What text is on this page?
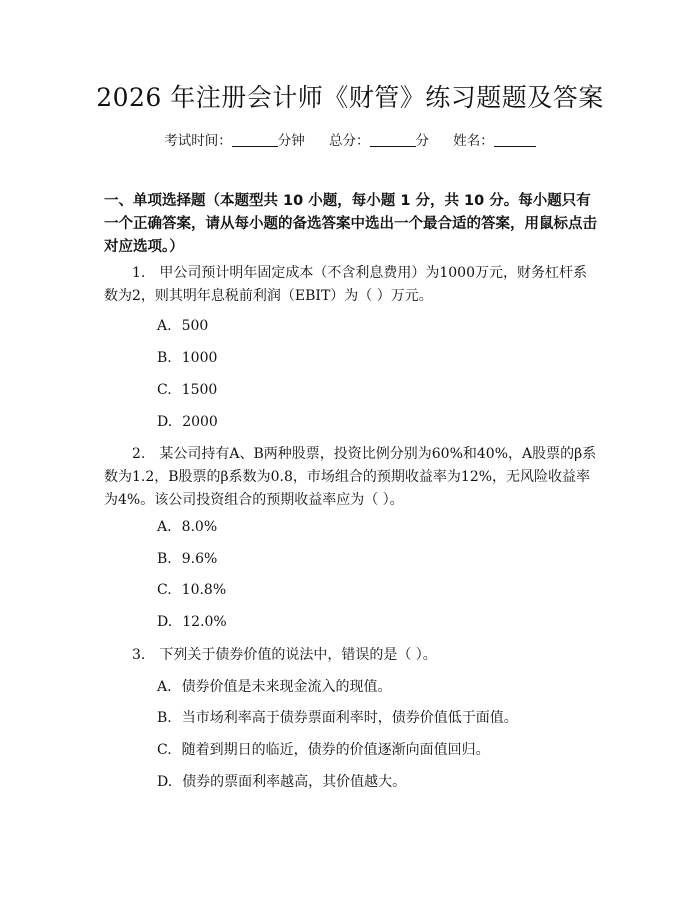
2026 年注册会计师《财管》练习题题及答案
考试时间：	分钟 总分：	分 姓名：
一、单项选择题（本题型共 10 小题，每小题 1 分，共 10 分。每小题只有一个正确答案，请从每小题的备选答案中选出一个最合适的答案，用鼠标点击对应选项。）
1. 甲公司预计明年固定成本（不含利息费用）为1000万元，财务杠杆系数为2，则其明年息税前利润（EBIT）为（ ）万元。
A. 500
B. 1000
C. 1500
D. 2000
2. 某公司持有A、B两种股票，投资比例分别为60%和40%，A股票的β系数为1.2，B股票的β系数为0.8，市场组合的预期收益率为12%，无风险收益率为4%。该公司投资组合的预期收益率应为（ ）。
A. 8.0%
B. 9.6%
C. 10.8%
D. 12.0%
3. 下列关于债券价值的说法中，错误的是（ ）。
A. 债券价值是未来现金流入的现值。
B. 当市场利率高于债券票面利率时，债券价值低于面值。
C. 随着到期日的临近，债券的价值逐渐向面值回归。
D. 债券的票面利率越高，其价值越大。
